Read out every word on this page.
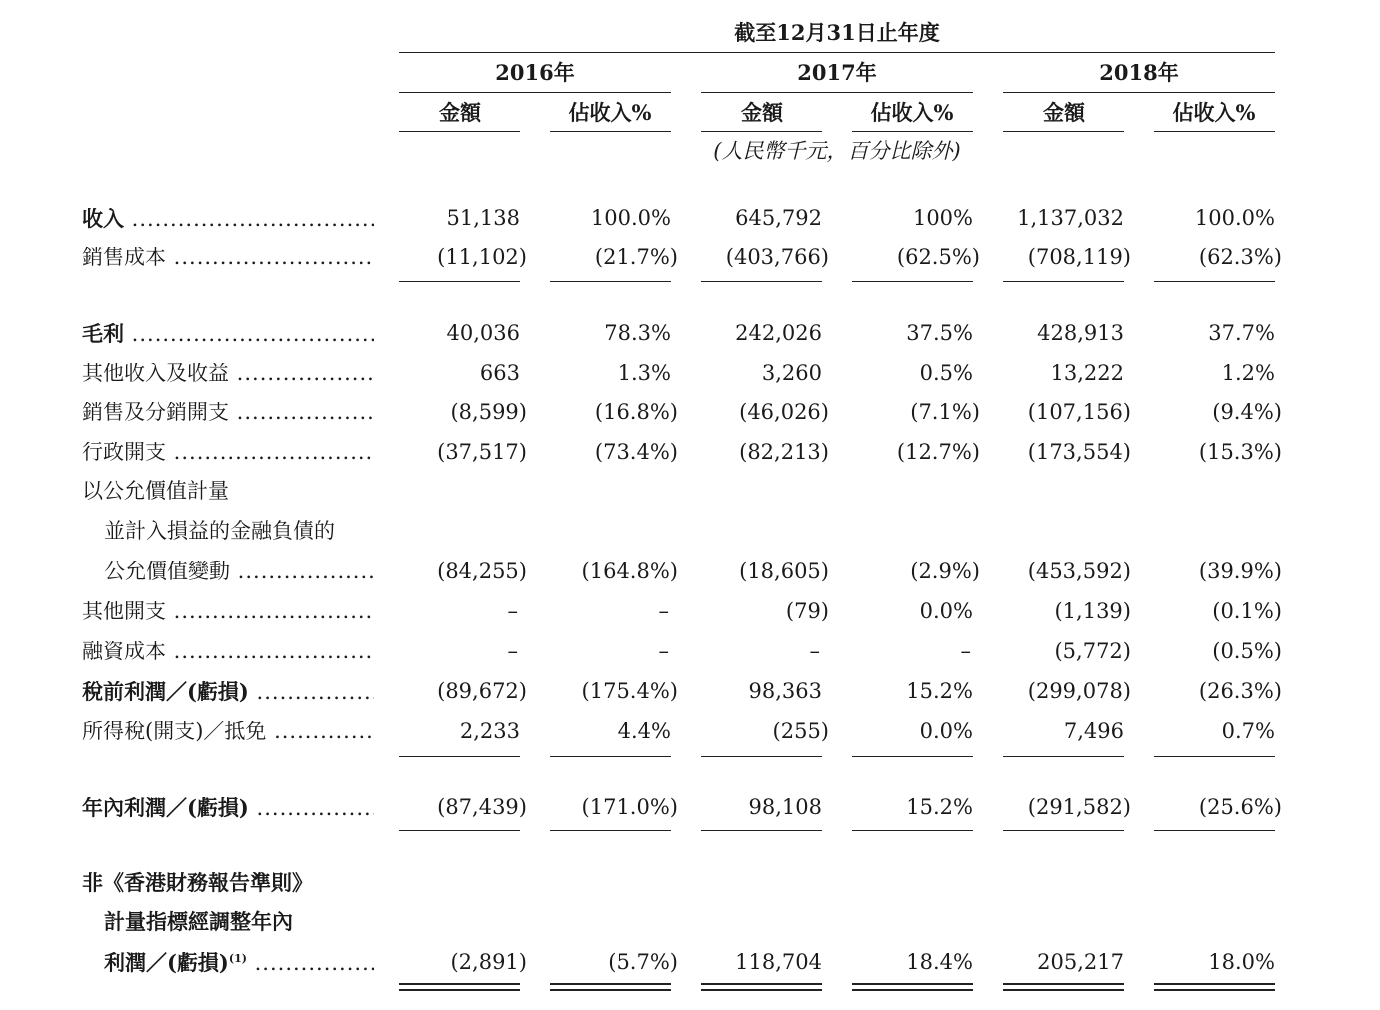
截至12月31日止年度
2016年	2017年	2018年
金額	佔收入%	金額	佔收入%	金額	佔收入%
(人民幣千元，百分比除外)
收入 .....	51,138	100.0%	645,792	100% 1,137,032	100.0%
銷售成本 .....	(11,102)	(21.7%) (403,766)	(62.5%) (708,119)	(62.3%)
毛利 .....	40,036	78.3%	242,026	37.5%	428,913	37.7%
其他收入及收益 .....	663	1.3%	3,260	0.5%	13,222	1.2%
銷售及分銷開支 .....	(8,599)	(16.8%)	(46,026)	(7.1%) (107,156)	(9.4%)
行政開支 .....	(37,517)	(73.4%)	(82,213)	(12.7%) (173,554)	(15.3%)
以公允價值計量
並計入損益的金融負債的
公允價值變動 .....	(84,255)	(164.8%)	(18,605)	(2.9%) (453,592)	(39.9%)
其他開支 .....	–	–	(79)	0.0%	(1,139)	(0.1%)
融資成本 .....	–	–	–	–	(5,772)	(0.5%)
稅前利潤／(虧損) .....	(89,672)	(175.4%)	98,363	15.2%	(299,078)	(26.3%)
所得稅(開支)／抵免 .....	2,233	4.4%	(255)	0.0%	7,496	0.7%
年內利潤／(虧損) .....	(87,439)	(171.0%)	98,108	15.2%	(291,582)	(25.6%)
非《香港財務報告準則》
計量指標經調整年內
利潤／(虧損)$^{(1)}$ .....	(2,891)	(5.7%)	118,704	18.4%	205,217	18.0%
